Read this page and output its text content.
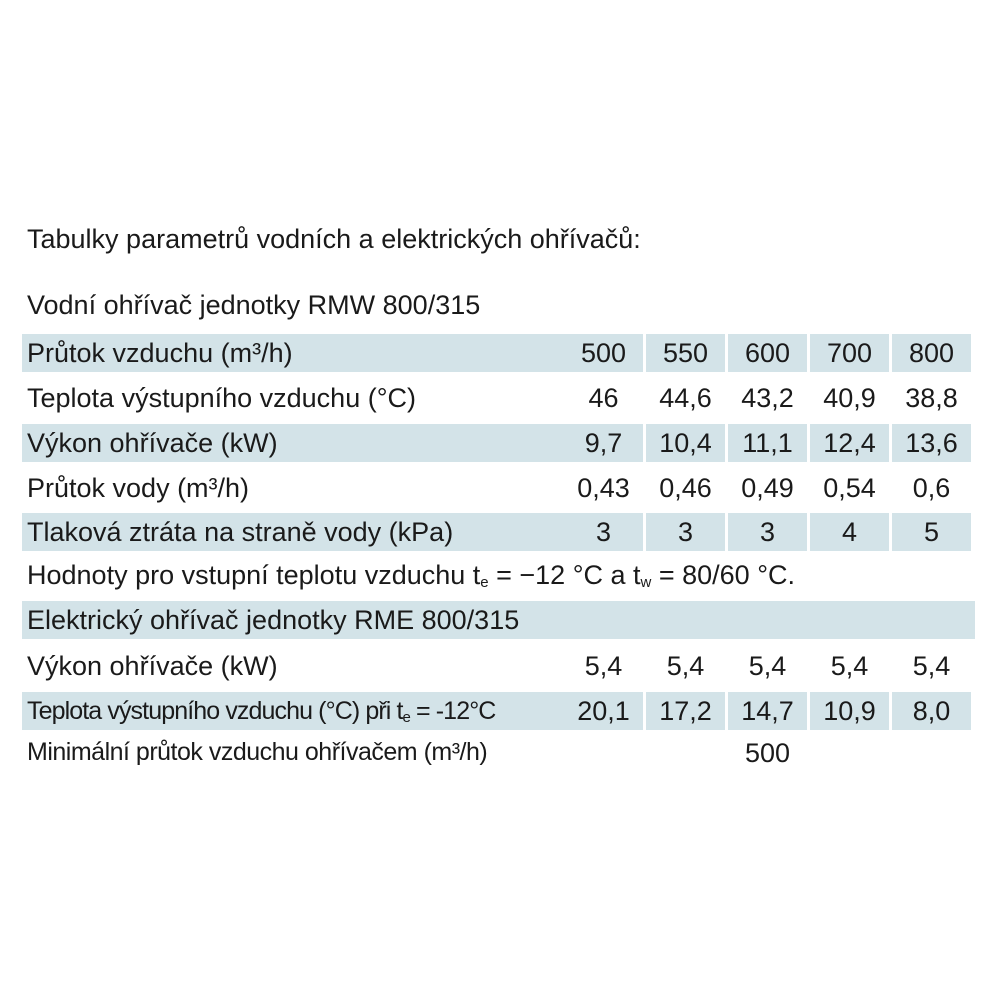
Tabulky parametrů vodních a elektrických ohřívačů:
Vodní ohřívač jednotky RMW 800/315
Průtok vzduchu (m³/h)	500	550	600	700	800
Teplota výstupního vzduchu (°C)	46	44,6	43,2	40,9	38,8
Výkon ohřívače (kW)	9,7	10,4	11,1	12,4	13,6
Průtok vody (m³/h)	0,43	0,46	0,49	0,54	0,6
Tlaková ztráta na straně vody (kPa)	3	3	3	4	5
Hodnoty pro vstupní teplotu vzduchu $t_e = -12$ °C a $t_w = 80/60$ °C.
Elektrický ohřívač jednotky RME 800/315
Výkon ohřívače (kW)	5,4	5,4	5,4	5,4	5,4
Teplota výstupního vzduchu (°C) při $t_e = -12^\circ C$	20,1	17,2	14,7	10,9	8,0
Minimální průtok vzduchu ohřívačem (m³/h)	500
